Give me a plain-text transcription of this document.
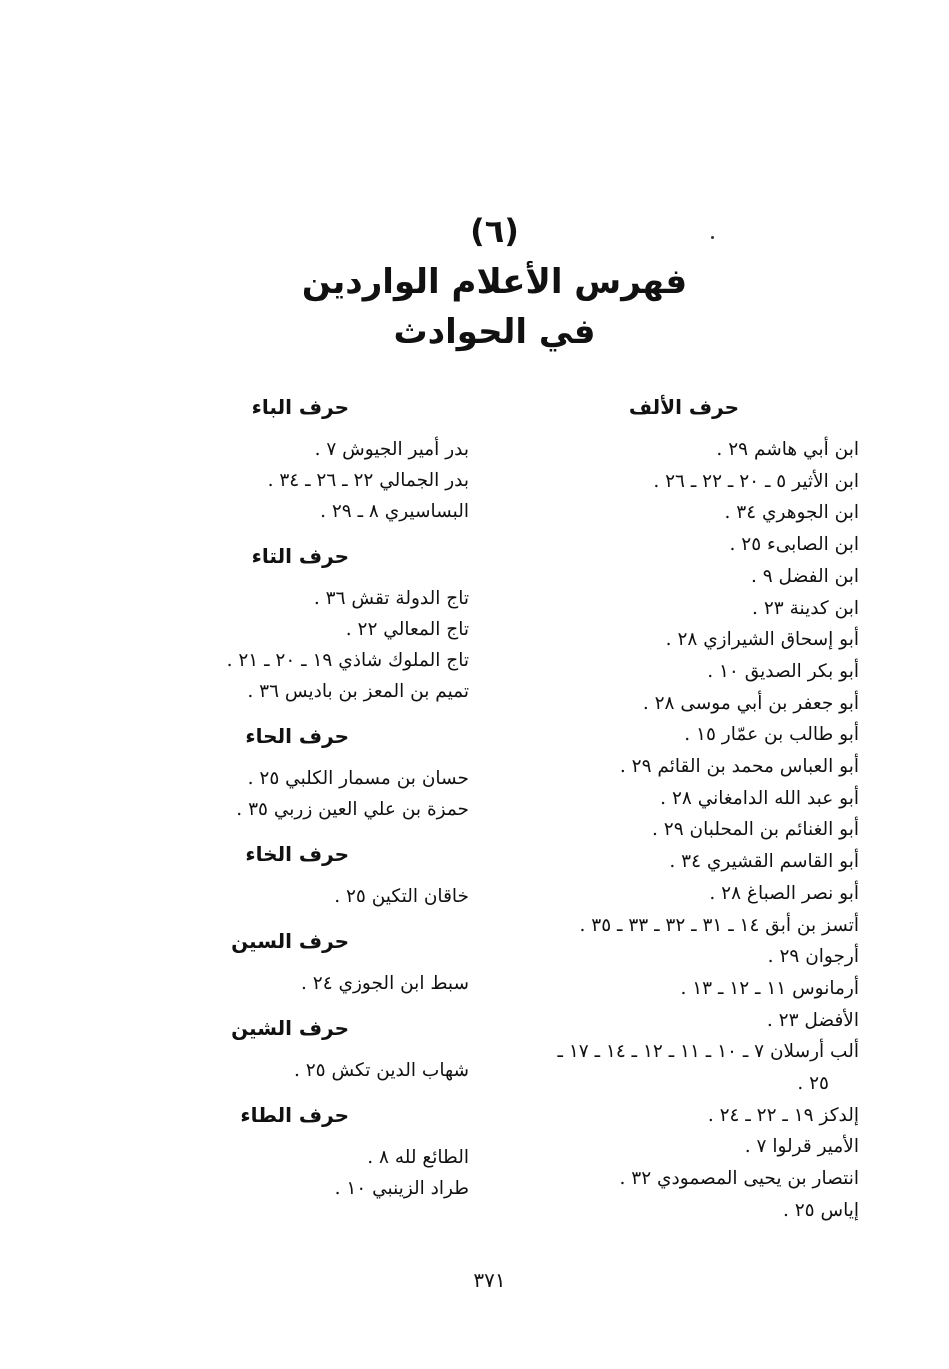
(٦)
فهرس الأعلام الواردين
في الحوادث
حرف الألف
ابن أبي هاشم ٢٩ .
ابن الأثير ٥ ـ ٢٠ ـ ٢٢ ـ ٢٦ .
ابن الجوهري ٣٤ .
ابن الصابىء ٢٥ .
ابن الفضل ٩ .
ابن كدينة ٢٣ .
أبو إسحاق الشيرازي ٢٨ .
أبو بكر الصديق ١٠ .
أبو جعفر بن أبي موسى ٢٨ .
أبو طالب بن عمّار ١٥ .
أبو العباس محمد بن القائم ٢٩ .
أبو عبد الله الدامغاني ٢٨ .
أبو الغنائم بن المحلبان ٢٩ .
أبو القاسم القشيري ٣٤ .
أبو نصر الصباغ ٢٨ .
أتسز بن أبق ١٤ ـ ٣١ ـ ٣٢ ـ ٣٣ ـ ٣٥ .
أرجوان ٢٩ .
أرمانوس ١١ ـ ١٢ ـ ١٣ .
الأفضل ٢٣ .
ألب أرسلان ٧ ـ ١٠ ـ ١١ ـ ١٢ ـ ١٤ ـ ١٧ ـ
٢٥ .
إلدكز ١٩ ـ ٢٢ ـ ٢٤ .
الأمير قرلوا ٧ .
انتصار بن يحيى المصمودي ٣٢ .
إياس ٢٥ .
حرف الباء
بدر أمير الجيوش ٧ .
بدر الجمالي ٢٢ ـ ٢٦ ـ ٣٤ .
البساسيري ٨ ـ ٢٩ .
حرف التاء
تاج الدولة تقش ٣٦ .
تاج المعالي ٢٢ .
تاج الملوك شاذي ١٩ ـ ٢٠ ـ ٢١ .
تميم بن المعز بن باديس ٣٦ .
حرف الحاء
حسان بن مسمار الكلبي ٢٥ .
حمزة بن علي العين زربي ٣٥ .
حرف الخاء
خاقان التكين ٢٥ .
حرف السين
سبط ابن الجوزي ٢٤ .
حرف الشين
شهاب الدين تكش ٢٥ .
حرف الطاء
الطائع لله ٨ .
طراد الزينبي ١٠ .
٣٧١
